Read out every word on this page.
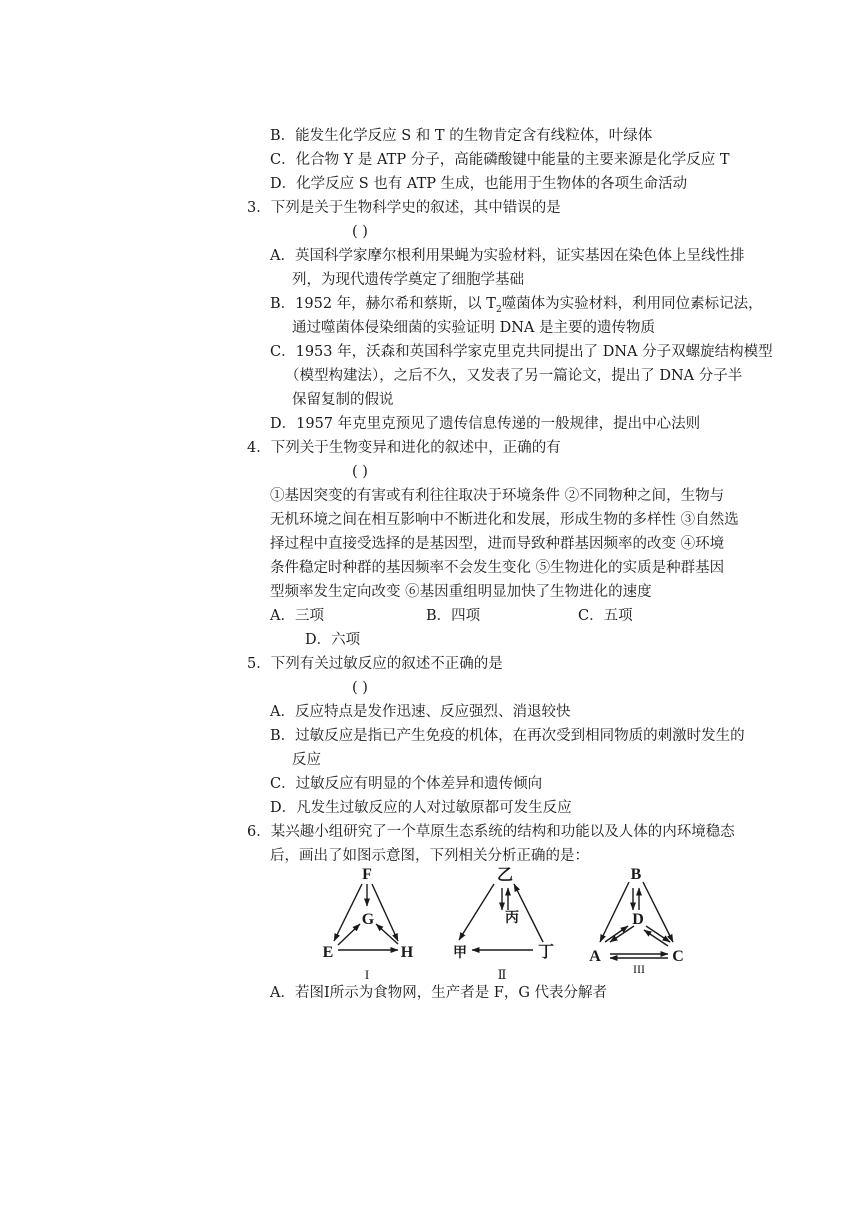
B．能发生化学反应 S 和 T 的生物肯定含有线粒体，叶绿体
C．化合物 Y 是 ATP 分子，高能磷酸键中能量的主要来源是化学反应 T
D．化学反应 S 也有 ATP 生成，也能用于生物体的各项生命活动
3．下列是关于生物科学史的叙述，其中错误的是
( )
A．英国科学家摩尔根利用果蝇为实验材料，证实基因在染色体上呈线性排
列，为现代遗传学奠定了细胞学基础
B．1952 年，赫尔希和蔡斯，以 $T_2$噬菌体为实验材料，利用同位素标记法，
通过噬菌体侵染细菌的实验证明 DNA 是主要的遗传物质
C．1953 年，沃森和英国科学家克里克共同提出了 DNA 分子双螺旋结构模型
（模型构建法），之后不久，又发表了另一篇论文，提出了 DNA 分子半
保留复制的假说
D．1957 年克里克预见了遗传信息传递的一般规律，提出中心法则
4．下列关于生物变异和进化的叙述中，正确的有
( )
①基因突变的有害或有利往往取决于环境条件 ②不同物种之间，生物与
无机环境之间在相互影响中不断进化和发展，形成生物的多样性 ③自然选
择过程中直接受选择的是基因型，进而导致种群基因频率的改变 ④环境
条件稳定时种群的基因频率不会发生变化 ⑤生物进化的实质是种群基因
型频率发生定向改变 ⑥基因重组明显加快了生物进化的速度
A．三项	B．四项	C．五项
D．六项
5．下列有关过敏反应的叙述不正确的是
( )
A．反应特点是发作迅速、反应强烈、消退较快
B．过敏反应是指已产生免疫的机体，在再次受到相同物质的刺激时发生的
反应
C．过敏反应有明显的个体差异和遗传倾向
D．凡发生过敏反应的人对过敏原都可发生反应
6．某兴趣小组研究了一个草原生态系统的结构和功能以及人体的内环境稳态
后，画出了如图示意图，下列相关分析正确的是：
F
G
E	H
I
乙
丙
甲	丁
Ⅱ
B
D
A	C
III
A．若图Ⅰ所示为食物网，生产者是 F，G 代表分解者
